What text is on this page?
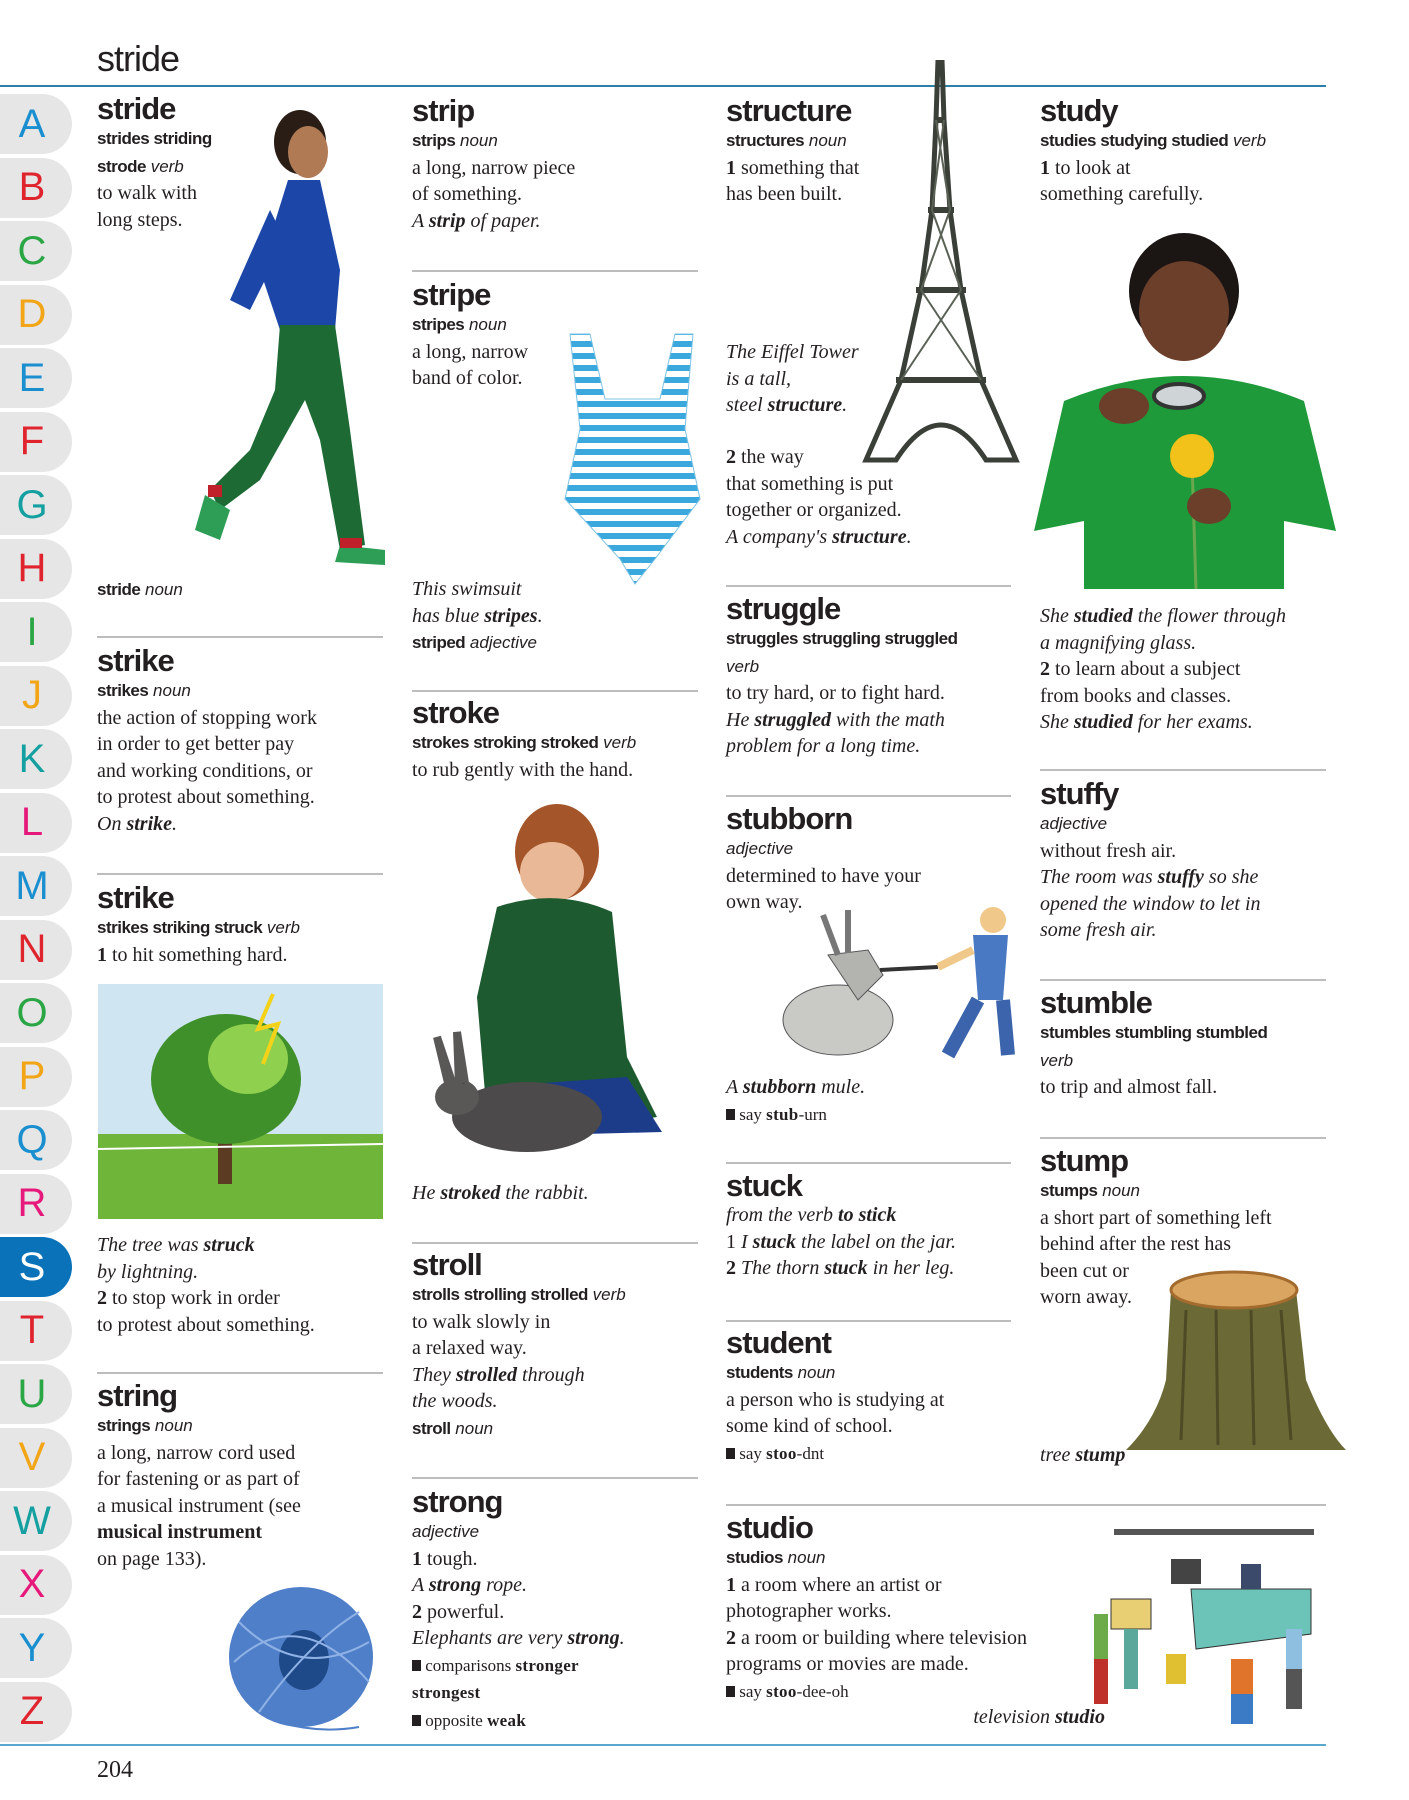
stride
204
A
B
C
D
E
F
G
H
I
J
K
L
M
N
O
P
Q
R
S
T
U
V
W
X
Y
Z
stride
strides striding
strode verb
to walk with
long steps.
stride noun
strike
strikes noun
the action of stopping work
in order to get better pay
and working conditions, or
to protest about something.
On strike.
strike
strikes striking struck verb
1 to hit something hard.
The tree was struck
by lightning.
2 to stop work in order
to protest about something.
string
strings noun
a long, narrow cord used
for fastening or as part of
a musical instrument (see
musical instrument
on page 133).
strip
strips noun
a long, narrow piece
of something.
A strip of paper.
stripe
stripes noun
a long, narrow
band of color.
This swimsuit
has blue stripes.
striped adjective
stroke
strokes stroking stroked verb
to rub gently with the hand.
He stroked the rabbit.
stroll
strolls strolling strolled verb
to walk slowly in
a relaxed way.
They strolled through
the woods.
stroll noun
strong
adjective
1 tough.
A strong rope.
2 powerful.
Elephants are very strong.
comparisons stronger
strongest
opposite weak
structure
structures noun
1 something that
has been built.
The Eiffel Tower
is a tall,
steel structure.
2 the way
that something is put
together or organized.
A company's structure.
struggle
struggles struggling struggled
verb
to try hard, or to fight hard.
He struggled with the math
problem for a long time.
stubborn
adjective
determined to have your
own way.
A stubborn mule.
say stub-urn
stuck
from the verb to stick
1 I stuck the label on the jar.
2 The thorn stuck in her leg.
student
students noun
a person who is studying at
some kind of school.
say stoo-dnt
studio
studios noun
1 a room where an artist or
photographer works.
2 a room or building where television
programs or movies are made.
say stoo-dee-oh
television studio
study
studies studying studied verb
1 to look at
something carefully.
She studied the flower through
a magnifying glass.
2 to learn about a subject
from books and classes.
She studied for her exams.
stuffy
adjective
without fresh air.
The room was stuffy so she
opened the window to let in
some fresh air.
stumble
stumbles stumbling stumbled
verb
to trip and almost fall.
stump
stumps noun
a short part of something left
behind after the rest has
been cut or
worn away.
tree stump
